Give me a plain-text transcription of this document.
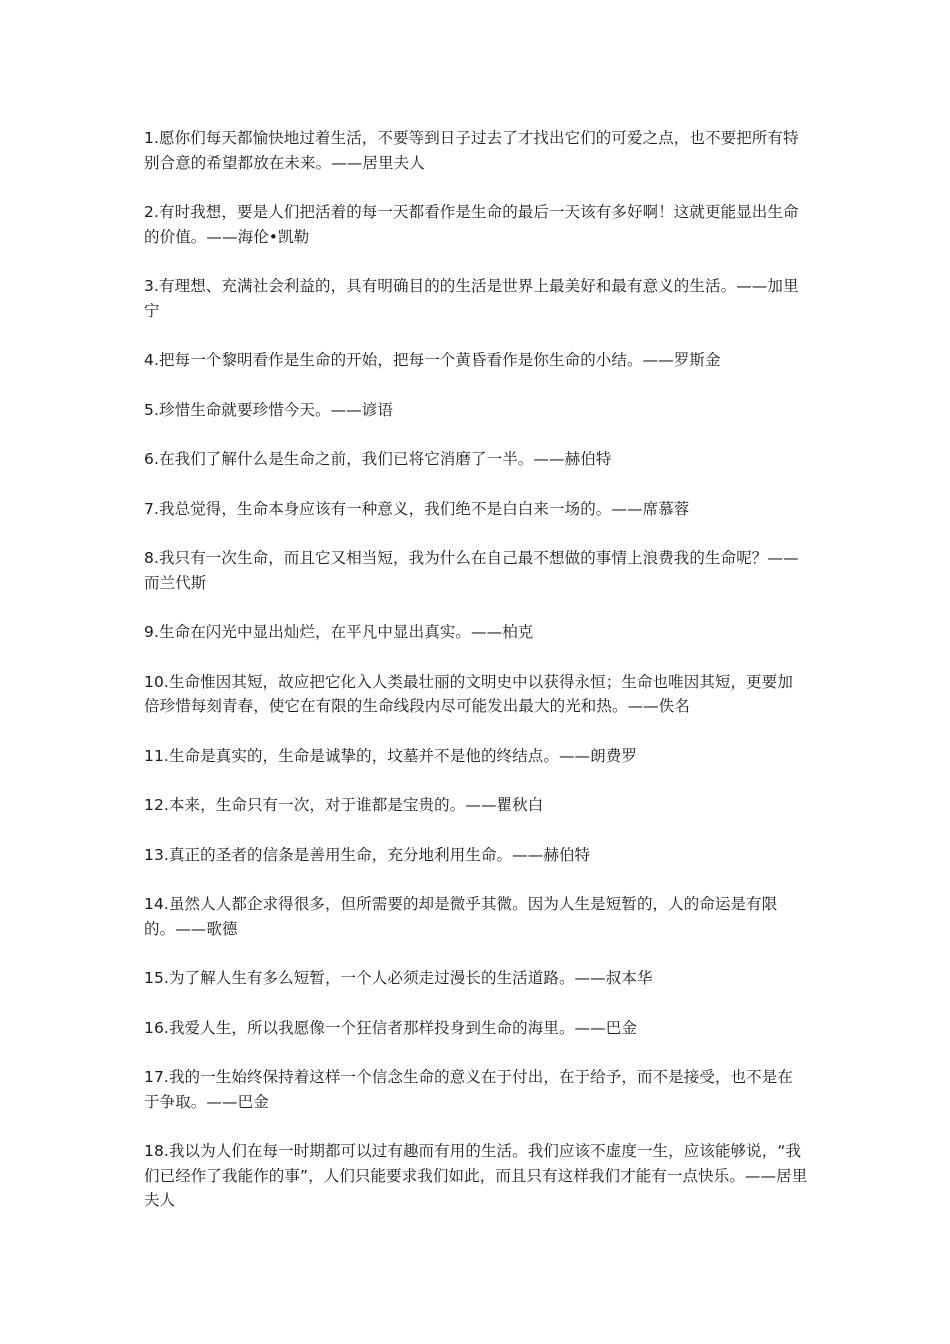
1.愿你们每天都愉快地过着生活，不要等到日子过去了才找出它们的可爱之点，也不要把所有特别合意的希望都放在未来。——居里夫人

2.有时我想，要是人们把活着的每一天都看作是生命的最后一天该有多好啊！这就更能显出生命的价值。——海伦•凯勒

3.有理想、充满社会利益的，具有明确目的的生活是世界上最美好和最有意义的生活。——加里宁

4.把每一个黎明看作是生命的开始，把每一个黄昏看作是你生命的小结。——罗斯金

5.珍惜生命就要珍惜今天。——谚语

6.在我们了解什么是生命之前，我们已将它消磨了一半。——赫伯特

7.我总觉得，生命本身应该有一种意义，我们绝不是白白来一场的。——席慕蓉

8.我只有一次生命，而且它又相当短，我为什么在自己最不想做的事情上浪费我的生命呢？——而兰代斯

9.生命在闪光中显出灿烂，在平凡中显出真实。——柏克

10.生命惟因其短，故应把它化入人类最壮丽的文明史中以获得永恒；生命也唯因其短，更要加倍珍惜每刻青春，使它在有限的生命线段内尽可能发出最大的光和热。——佚名

11.生命是真实的，生命是诚挚的，坟墓并不是他的终结点。——朗费罗

12.本来，生命只有一次，对于谁都是宝贵的。——瞿秋白

13.真正的圣者的信条是善用生命，充分地利用生命。——赫伯特

14.虽然人人都企求得很多，但所需要的却是微乎其微。因为人生是短暂的，人的命运是有限的。——歌德

15.为了解人生有多么短暂，一个人必须走过漫长的生活道路。——叔本华

16.我爱人生，所以我愿像一个狂信者那样投身到生命的海里。——巴金

17.我的一生始终保持着这样一个信念生命的意义在于付出，在于给予，而不是接受，也不是在于争取。——巴金

18.我以为人们在每一时期都可以过有趣而有用的生活。我们应该不虚度一生，应该能够说，“我们已经作了我能作的事”，人们只能要求我们如此，而且只有这样我们才能有一点快乐。——居里夫人
